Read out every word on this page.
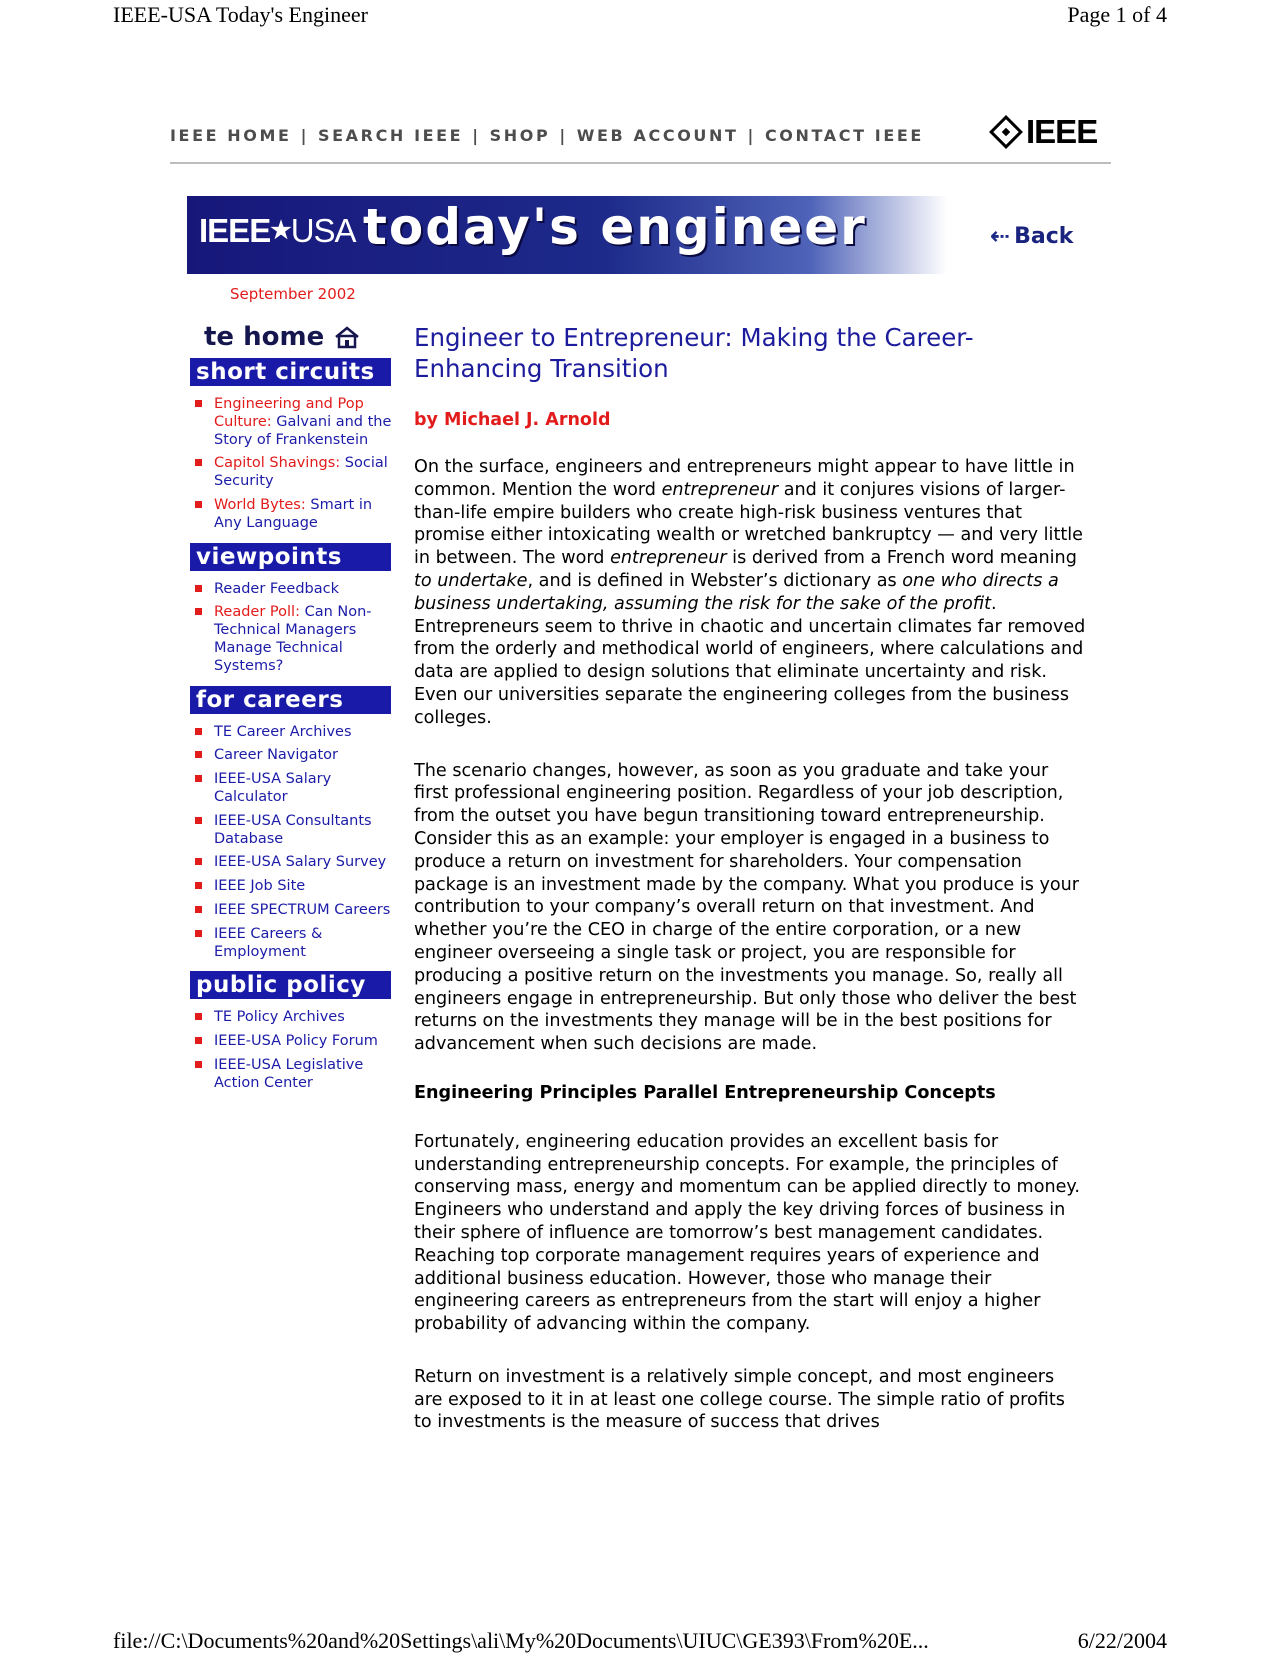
IEEE-USA Today's Engineer	Page 1 of 4
IEEE HOME | SEARCH IEEE | SHOP | WEB ACCOUNT | CONTACT IEEE	IEEE
IEEE★USA today's engineer	⇠ Back
September 2002
te home
short circuits
Engineering and Pop Culture: Galvani and the Story of Frankenstein
Capitol Shavings: Social Security
World Bytes: Smart in Any Language
viewpoints
Reader Feedback
Reader Poll: Can Non-Technical Managers Manage Technical Systems?
for careers
TE Career Archives
Career Navigator
IEEE-USA Salary Calculator
IEEE-USA Consultants Database
IEEE-USA Salary Survey
IEEE Job Site
IEEE SPECTRUM Careers
IEEE Careers & Employment
public policy
TE Policy Archives
IEEE-USA Policy Forum
IEEE-USA Legislative Action Center
Engineer to Entrepreneur: Making the Career-Enhancing Transition
by Michael J. Arnold

On the surface, engineers and entrepreneurs might appear to have little in common. Mention the word entrepreneur and it conjures visions of larger-than-life empire builders who create high-risk business ventures that promise either intoxicating wealth or wretched bankruptcy — and very little in between. The word entrepreneur is derived from a French word meaning to undertake, and is defined in Webster’s dictionary as one who directs a business undertaking, assuming the risk for the sake of the profit. Entrepreneurs seem to thrive in chaotic and uncertain climates far removed from the orderly and methodical world of engineers, where calculations and data are applied to design solutions that eliminate uncertainty and risk. Even our universities separate the engineering colleges from the business colleges.

The scenario changes, however, as soon as you graduate and take your first professional engineering position. Regardless of your job description, from the outset you have begun transitioning toward entrepreneurship. Consider this as an example: your employer is engaged in a business to produce a return on investment for shareholders. Your compensation package is an investment made by the company. What you produce is your contribution to your company’s overall return on that investment. And whether you’re the CEO in charge of the entire corporation, or a new engineer overseeing a single task or project, you are responsible for producing a positive return on the investments you manage. So, really all engineers engage in entrepreneurship. But only those who deliver the best returns on the investments they manage will be in the best positions for advancement when such decisions are made.

Engineering Principles Parallel Entrepreneurship Concepts

Fortunately, engineering education provides an excellent basis for understanding entrepreneurship concepts. For example, the principles of conserving mass, energy and momentum can be applied directly to money. Engineers who understand and apply the key driving forces of business in their sphere of influence are tomorrow’s best management candidates. Reaching top corporate management requires years of experience and additional business education. However, those who manage their engineering careers as entrepreneurs from the start will enjoy a higher probability of advancing within the company.

Return on investment is a relatively simple concept, and most engineers are exposed to it in at least one college course. The simple ratio of profits to investments is the measure of success that drives

file://C:\Documents%20and%20Settings\ali\My%20Documents\UIUC\GE393\From%20E...	6/22/2004
